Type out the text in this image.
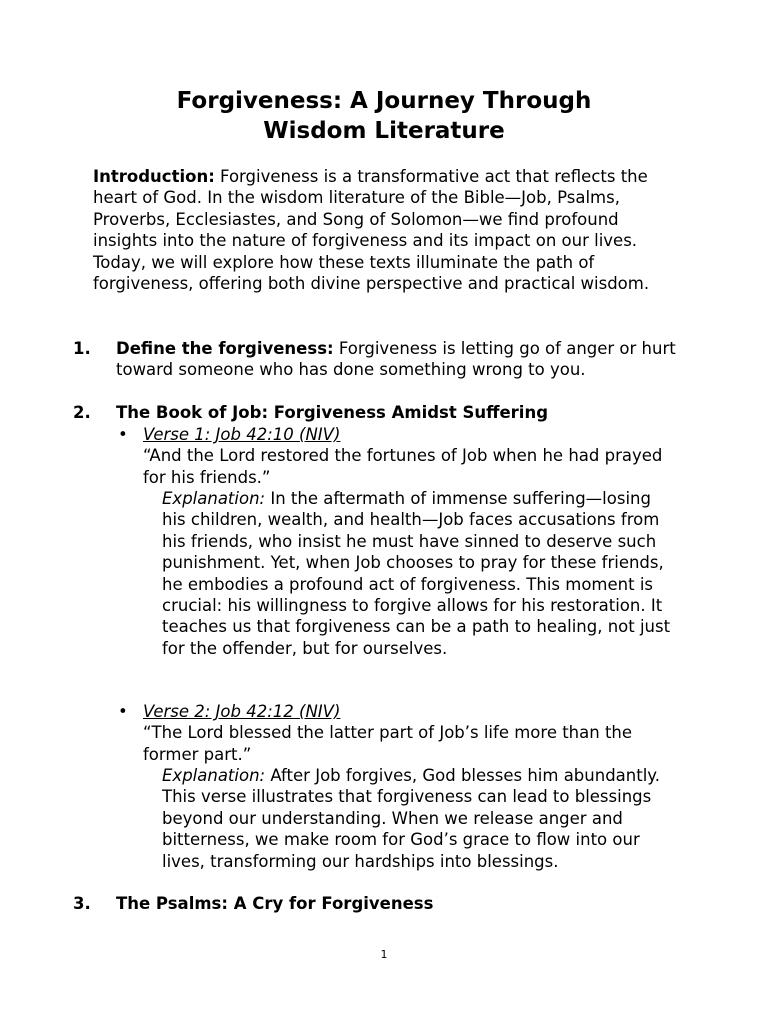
Forgiveness: A Journey Through
Wisdom Literature
Introduction: Forgiveness is a transformative act that reflects the heart of God. In the wisdom literature of the Bible—Job, Psalms, Proverbs, Ecclesiastes, and Song of Solomon—we find profound insights into the nature of forgiveness and its impact on our lives. Today, we will explore how these texts illuminate the path of forgiveness, offering both divine perspective and practical wisdom.
1. Define the forgiveness: Forgiveness is letting go of anger or hurt toward someone who has done something wrong to you.
2. The Book of Job: Forgiveness Amidst Suffering
• Verse 1: Job 42:10 (NIV)
“And the Lord restored the fortunes of Job when he had prayed for his friends.”
Explanation: In the aftermath of immense suffering—losing his children, wealth, and health—Job faces accusations from his friends, who insist he must have sinned to deserve such punishment. Yet, when Job chooses to pray for these friends, he embodies a profound act of forgiveness. This moment is crucial: his willingness to forgive allows for his restoration. It teaches us that forgiveness can be a path to healing, not just for the offender, but for ourselves.
• Verse 2: Job 42:12 (NIV)
“The Lord blessed the latter part of Job’s life more than the former part.”
Explanation: After Job forgives, God blesses him abundantly. This verse illustrates that forgiveness can lead to blessings beyond our understanding. When we release anger and bitterness, we make room for God’s grace to flow into our lives, transforming our hardships into blessings.
3. The Psalms: A Cry for Forgiveness
1
